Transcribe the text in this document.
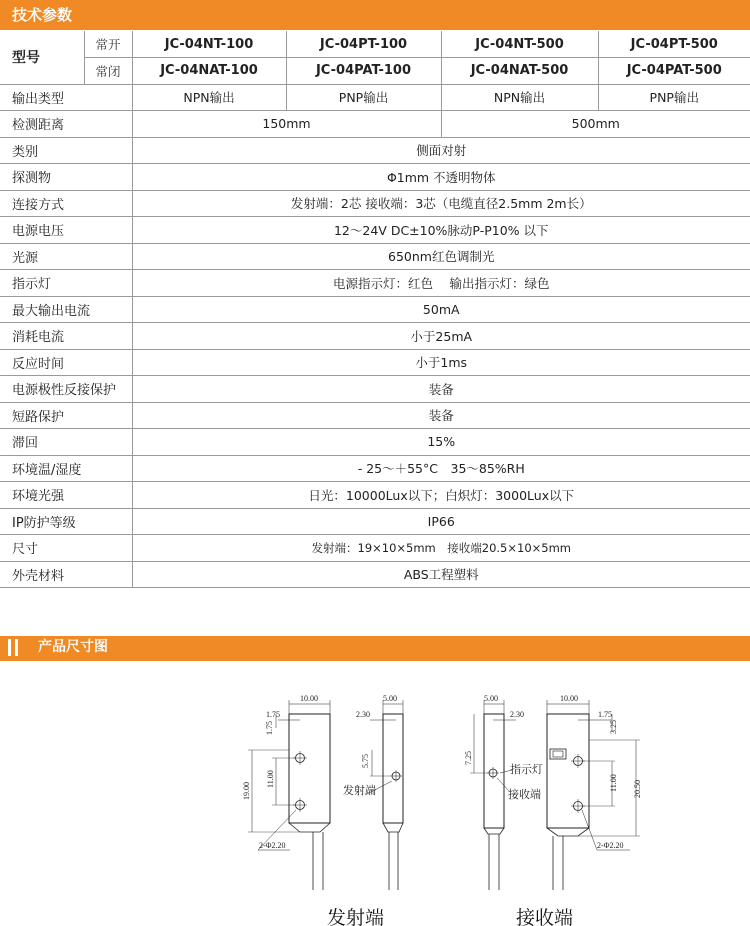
技术参数
型号	常开	JC-04NT-100	JC-04PT-100	JC-04NT-500	JC-04PT-500
	常闭	JC-04NAT-100	JC-04PAT-100	JC-04NAT-500	JC-04PAT-500
输出类型		NPN输出	PNP输出	NPN输出	PNP输出
检测距离		150mm		500mm	
类别		侧面对射			
探测物		Φ1mm 不透明物体			
连接方式		发射端：2芯 接收端：3芯（电缆直径2.5mm 2m长）			
电源电压		12～24V DC±10%脉动P-P10% 以下			
光源		650nm红色调制光			
指示灯		电源指示灯：红色　 输出指示灯：绿色			
最大输出电流		50mA			
消耗电流		小于25mA			
反应时间		小于1ms			
电源极性反接保护		装备			
短路保护		装备			
滞回		15%			
环境温/湿度		- 25～＋55°C　35～85%RH			
环境光强		日光：10000Lux以下；白炽灯：3000Lux以下			
IP防护等级		IP66			
尺寸		发射端：19×10×5mm　接收端20.5×10×5mm			
外壳材料		ABS工程塑料			
产品尺寸图
10.00
1.75
1.75
19.00
11.00
2-Φ2.20
5.00
2.30
5.75
发射端
5.00
2.30
7.25
指示灯
接收端
10.00
1.75
3.25
11.00 20.50
2-Φ2.20
发射端	接收端
